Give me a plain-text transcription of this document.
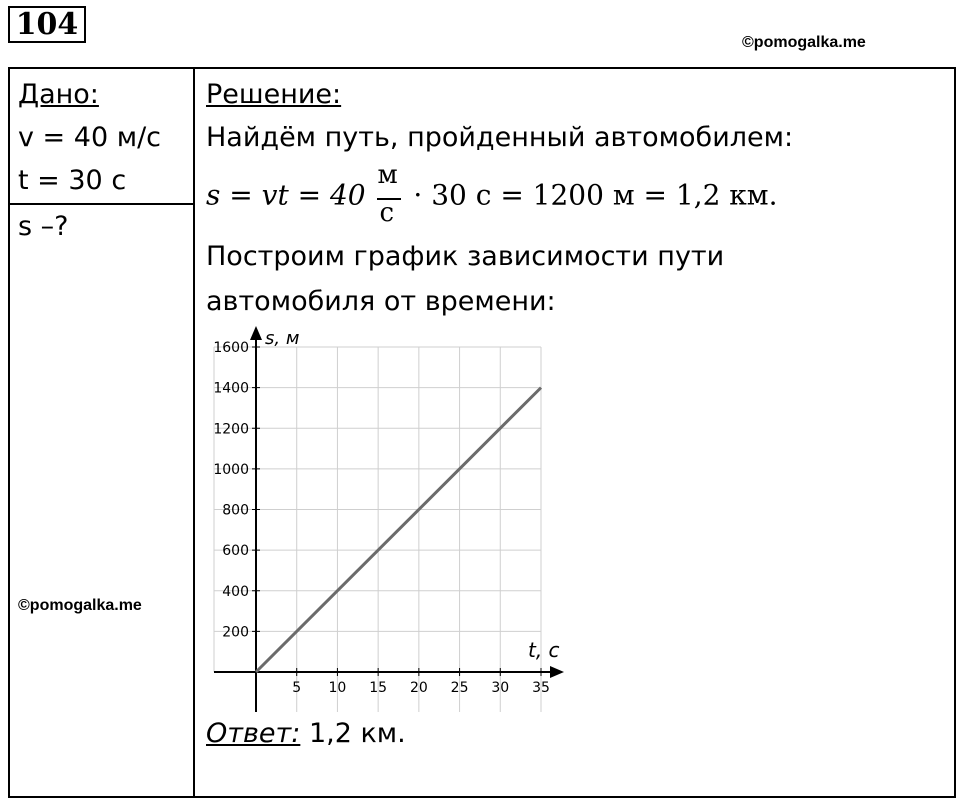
104
©pomogalka.me
Дано:
v = 40 м/с
t = 30 с
s –?
©pomogalka.me
Решение:
Найдём путь, пройденный автомобилем:
s = vt = $40 \frac{м}{с} \cdot 30$ с = 1200 м = 1,2 км.
Построим график зависимости пути
автомобиля от времени:
5 10 15 20 25 30 35
200
400
600
800
1000
1200
1400
1600 s, м
t, с
Ответ: 1,2 км.
